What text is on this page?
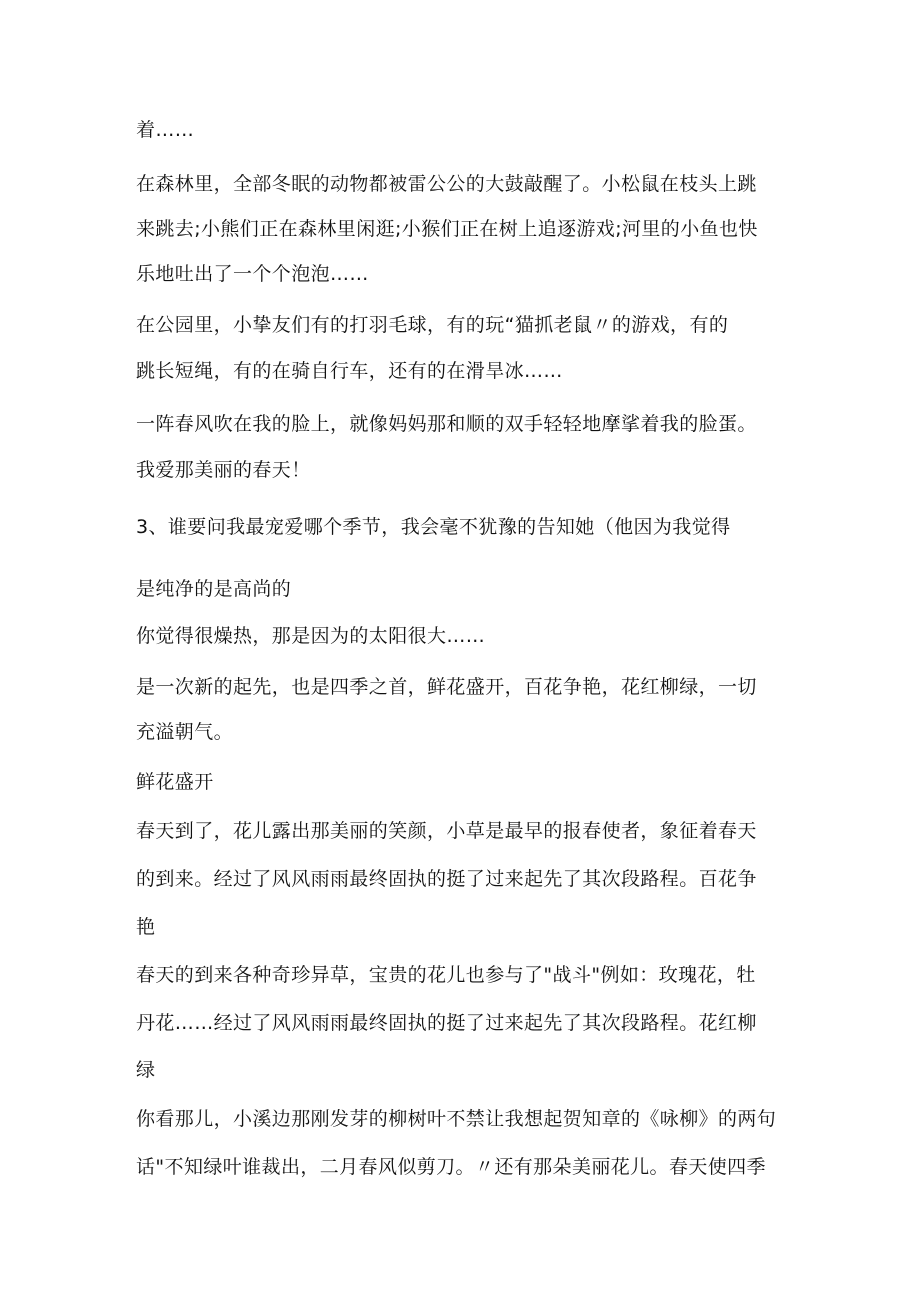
着……
在森林里，全部冬眠的动物都被雷公公的大鼓敲醒了。小松鼠在枝头上跳
来跳去;小熊们正在森林里闲逛;小猴们正在树上追逐游戏;河里的小鱼也快
乐地吐出了一个个泡泡……
在公园里，小挚友们有的打羽毛球，有的玩“猫抓老鼠〃的游戏，有的
跳长短绳，有的在骑自行车，还有的在滑旱冰……
一阵春风吹在我的脸上，就像妈妈那和顺的双手轻轻地摩挲着我的脸蛋。
我爱那美丽的春天！
3、谁要问我最宠爱哪个季节，我会毫不犹豫的告知她（他因为我觉得
是纯净的是高尚的
你觉得很燥热，那是因为的太阳很大……
是一次新的起先，也是四季之首，鲜花盛开，百花争艳，花红柳绿，一切
充溢朝气。
鲜花盛开
春天到了，花儿露出那美丽的笑颜，小草是最早的报春使者，象征着春天
的到来。经过了风风雨雨最终固执的挺了过来起先了其次段路程。百花争
艳
春天的到来各种奇珍异草，宝贵的花儿也参与了"战斗"例如：玫瑰花，牡
丹花……经过了风风雨雨最终固执的挺了过来起先了其次段路程。花红柳
绿
你看那儿，小溪边那刚发芽的柳树叶不禁让我想起贺知章的《咏柳》的两句
话"不知绿叶谁裁出，二月春风似剪刀。〃还有那朵美丽花儿。春天使四季
